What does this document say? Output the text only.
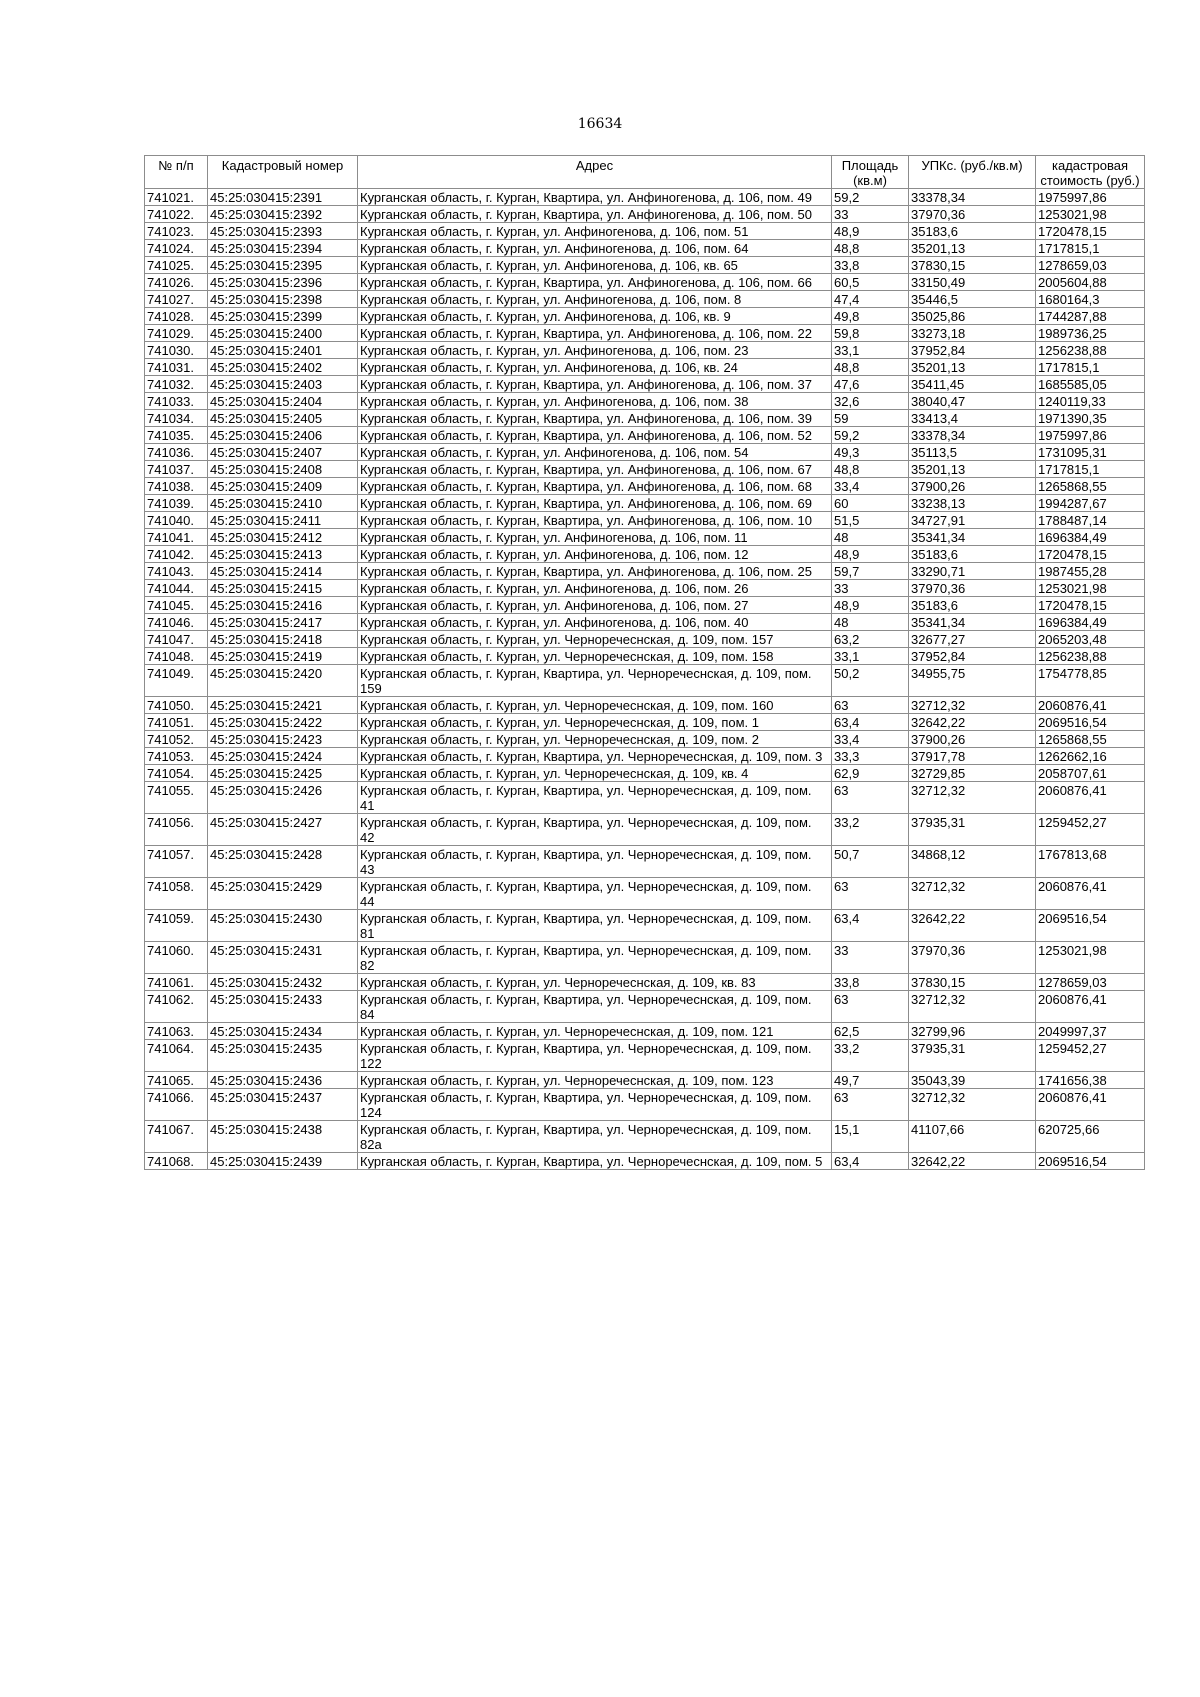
16634
№ п/п	Кадастровый номер	Адрес	Площадь (кв.м)	УПКс. (руб./кв.м)	кадастровая стоимость (руб.)
741021.	45:25:030415:2391	Курганская область, г. Курган, Квартира, ул. Анфиногенова, д. 106, пом. 49	59,2	33378,34	1975997,86
741022.	45:25:030415:2392	Курганская область, г. Курган, Квартира, ул. Анфиногенова, д. 106, пом. 50	33	37970,36	1253021,98
741023.	45:25:030415:2393	Курганская область, г. Курган, ул. Анфиногенова, д. 106, пом. 51	48,9	35183,6	1720478,15
741024.	45:25:030415:2394	Курганская область, г. Курган, ул. Анфиногенова, д. 106, пом. 64	48,8	35201,13	1717815,1
741025.	45:25:030415:2395	Курганская область, г. Курган, ул. Анфиногенова, д. 106, кв. 65	33,8	37830,15	1278659,03
741026.	45:25:030415:2396	Курганская область, г. Курган, Квартира, ул. Анфиногенова, д. 106, пом. 66	60,5	33150,49	2005604,88
741027.	45:25:030415:2398	Курганская область, г. Курган, ул. Анфиногенова, д. 106, пом. 8	47,4	35446,5	1680164,3
741028.	45:25:030415:2399	Курганская область, г. Курган, ул. Анфиногенова, д. 106, кв. 9	49,8	35025,86	1744287,88
741029.	45:25:030415:2400	Курганская область, г. Курган, Квартира, ул. Анфиногенова, д. 106, пом. 22	59,8	33273,18	1989736,25
741030.	45:25:030415:2401	Курганская область, г. Курган, ул. Анфиногенова, д. 106, пом. 23	33,1	37952,84	1256238,88
741031.	45:25:030415:2402	Курганская область, г. Курган, ул. Анфиногенова, д. 106, кв. 24	48,8	35201,13	1717815,1
741032.	45:25:030415:2403	Курганская область, г. Курган, Квартира, ул. Анфиногенова, д. 106, пом. 37	47,6	35411,45	1685585,05
741033.	45:25:030415:2404	Курганская область, г. Курган, ул. Анфиногенова, д. 106, пом. 38	32,6	38040,47	1240119,33
741034.	45:25:030415:2405	Курганская область, г. Курган, Квартира, ул. Анфиногенова, д. 106, пом. 39	59	33413,4	1971390,35
741035.	45:25:030415:2406	Курганская область, г. Курган, Квартира, ул. Анфиногенова, д. 106, пом. 52	59,2	33378,34	1975997,86
741036.	45:25:030415:2407	Курганская область, г. Курган, ул. Анфиногенова, д. 106, пом. 54	49,3	35113,5	1731095,31
741037.	45:25:030415:2408	Курганская область, г. Курган, Квартира, ул. Анфиногенова, д. 106, пом. 67	48,8	35201,13	1717815,1
741038.	45:25:030415:2409	Курганская область, г. Курган, Квартира, ул. Анфиногенова, д. 106, пом. 68	33,4	37900,26	1265868,55
741039.	45:25:030415:2410	Курганская область, г. Курган, Квартира, ул. Анфиногенова, д. 106, пом. 69	60	33238,13	1994287,67
741040.	45:25:030415:2411	Курганская область, г. Курган, Квартира, ул. Анфиногенова, д. 106, пом. 10	51,5	34727,91	1788487,14
741041.	45:25:030415:2412	Курганская область, г. Курган, ул. Анфиногенова, д. 106, пом. 11	48	35341,34	1696384,49
741042.	45:25:030415:2413	Курганская область, г. Курган, ул. Анфиногенова, д. 106, пом. 12	48,9	35183,6	1720478,15
741043.	45:25:030415:2414	Курганская область, г. Курган, Квартира, ул. Анфиногенова, д. 106, пом. 25	59,7	33290,71	1987455,28
741044.	45:25:030415:2415	Курганская область, г. Курган, ул. Анфиногенова, д. 106, пом. 26	33	37970,36	1253021,98
741045.	45:25:030415:2416	Курганская область, г. Курган, ул. Анфиногенова, д. 106, пом. 27	48,9	35183,6	1720478,15
741046.	45:25:030415:2417	Курганская область, г. Курган, ул. Анфиногенова, д. 106, пом. 40	48	35341,34	1696384,49
741047.	45:25:030415:2418	Курганская область, г. Курган, ул. Черноречеснская, д. 109, пом. 157	63,2	32677,27	2065203,48
741048.	45:25:030415:2419	Курганская область, г. Курган, ул. Черноречеснская, д. 109, пом. 158	33,1	37952,84	1256238,88
741049.	45:25:030415:2420	Курганская область, г. Курган, Квартира, ул. Черноречеснская, д. 109, пом. 159	50,2	34955,75	1754778,85
741050.	45:25:030415:2421	Курганская область, г. Курган, ул. Черноречеснская, д. 109, пом. 160	63	32712,32	2060876,41
741051.	45:25:030415:2422	Курганская область, г. Курган, ул. Черноречеснская, д. 109, пом. 1	63,4	32642,22	2069516,54
741052.	45:25:030415:2423	Курганская область, г. Курган, ул. Черноречеснская, д. 109, пом. 2	33,4	37900,26	1265868,55
741053.	45:25:030415:2424	Курганская область, г. Курган, Квартира, ул. Черноречеснская, д. 109, пом. 3	33,3	37917,78	1262662,16
741054.	45:25:030415:2425	Курганская область, г. Курган, ул. Черноречеснская, д. 109, кв. 4	62,9	32729,85	2058707,61
741055.	45:25:030415:2426	Курганская область, г. Курган, Квартира, ул. Черноречеснская, д. 109, пом. 41	63	32712,32	2060876,41
741056.	45:25:030415:2427	Курганская область, г. Курган, Квартира, ул. Черноречеснская, д. 109, пом. 42	33,2	37935,31	1259452,27
741057.	45:25:030415:2428	Курганская область, г. Курган, Квартира, ул. Черноречеснская, д. 109, пом. 43	50,7	34868,12	1767813,68
741058.	45:25:030415:2429	Курганская область, г. Курган, Квартира, ул. Черноречеснская, д. 109, пом. 44	63	32712,32	2060876,41
741059.	45:25:030415:2430	Курганская область, г. Курган, Квартира, ул. Черноречеснская, д. 109, пом. 81	63,4	32642,22	2069516,54
741060.	45:25:030415:2431	Курганская область, г. Курган, Квартира, ул. Черноречеснская, д. 109, пом. 82	33	37970,36	1253021,98
741061.	45:25:030415:2432	Курганская область, г. Курган, ул. Черноречеснская, д. 109, кв. 83	33,8	37830,15	1278659,03
741062.	45:25:030415:2433	Курганская область, г. Курган, Квартира, ул. Черноречеснская, д. 109, пом. 84	63	32712,32	2060876,41
741063.	45:25:030415:2434	Курганская область, г. Курган, ул. Черноречеснская, д. 109, пом. 121	62,5	32799,96	2049997,37
741064.	45:25:030415:2435	Курганская область, г. Курган, Квартира, ул. Черноречеснская, д. 109, пом. 122	33,2	37935,31	1259452,27
741065.	45:25:030415:2436	Курганская область, г. Курган, ул. Черноречеснская, д. 109, пом. 123	49,7	35043,39	1741656,38
741066.	45:25:030415:2437	Курганская область, г. Курган, Квартира, ул. Черноречеснская, д. 109, пом. 124	63	32712,32	2060876,41
741067.	45:25:030415:2438	Курганская область, г. Курган, Квартира, ул. Черноречеснская, д. 109, пом. 82а	15,1	41107,66	620725,66
741068.	45:25:030415:2439	Курганская область, г. Курган, Квартира, ул. Черноречеснская, д. 109, пом. 5	63,4	32642,22	2069516,54
